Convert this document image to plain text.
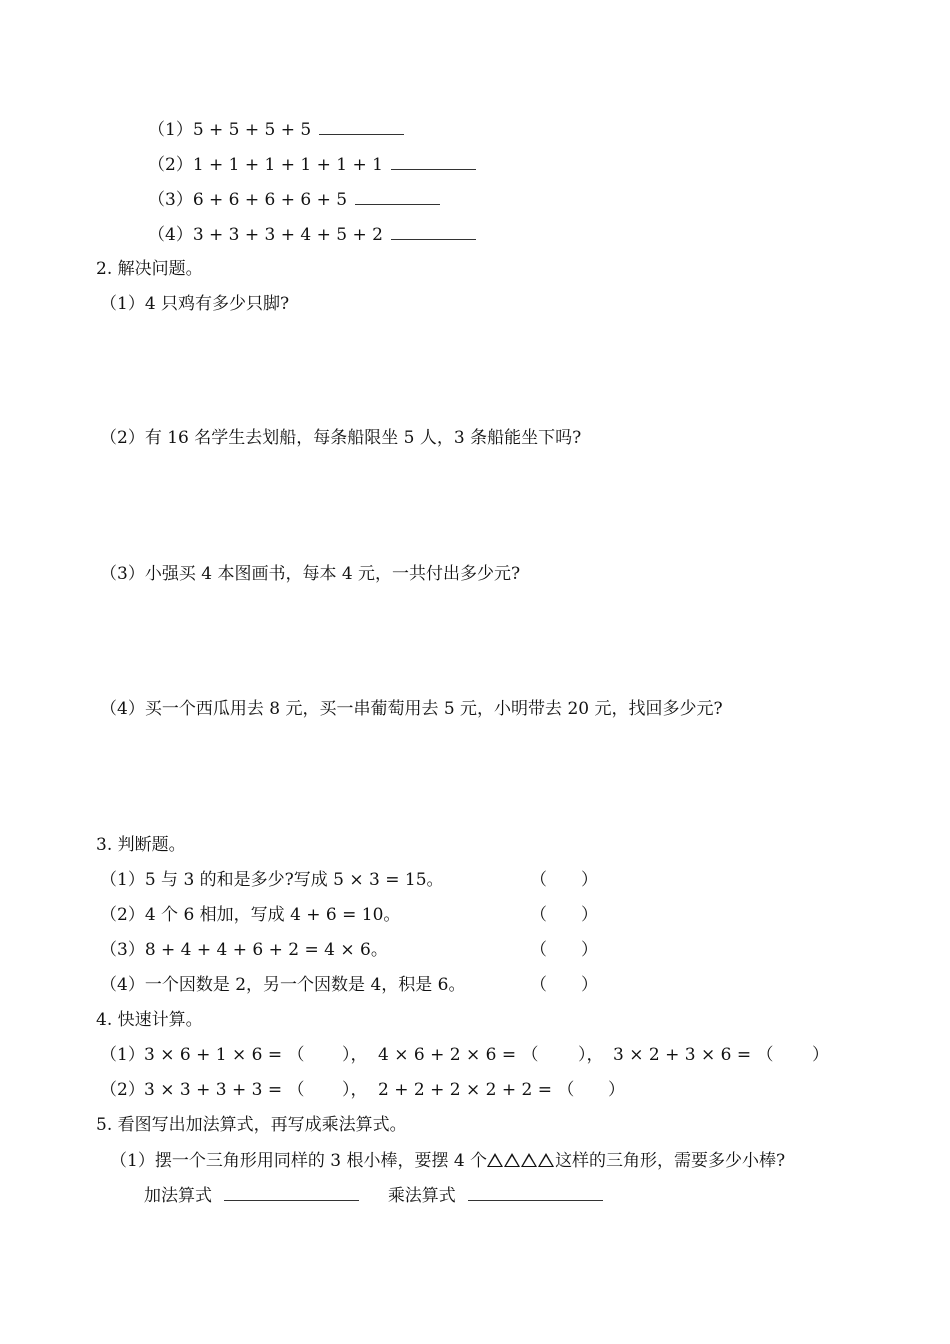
（1）5 + 5 + 5 + 5
（2）1 + 1 + 1 + 1 + 1 + 1
（3）6 + 6 + 6 + 6 + 5
（4）3 + 3 + 3 + 4 + 5 + 2
2. 解决问题。
（1）4 只鸡有多少只脚?
（2）有 16 名学生去划船，每条船限坐 5 人，3 条船能坐下吗?
（3）小强买 4 本图画书，每本 4 元，一共付出多少元?
（4）买一个西瓜用去 8 元，买一串葡萄用去 5 元，小明带去 20 元，找回多少元?
3. 判断题。
（1）5 与 3 的和是多少?写成 5 × 3 = 15。	（　　）
（2）4 个 6 相加，写成 4 + 6 = 10。	（　　）
（3）8 + 4 + 4 + 6 + 2 = 4 × 6。	（　　）
（4）一个因数是 2，另一个因数是 4，积是 6。	（　　）
4. 快速计算。
（1） 3 × 6 + 1 × 6 = （ ）， 4 × 6 + 2 × 6 = （ ）， 3 × 2 + 3 × 6 = （ ）
（2） 3 × 3 + 3 + 3 = （ ）， 2 + 2 + 2 × 2 + 2 = （ ）
5. 看图写出加法算式，再写成乘法算式。
（1）摆一个三角形用同样的 3 根小棒，要摆 4 个	这样的三角形，需要多少小棒?
加法算式	乘法算式
